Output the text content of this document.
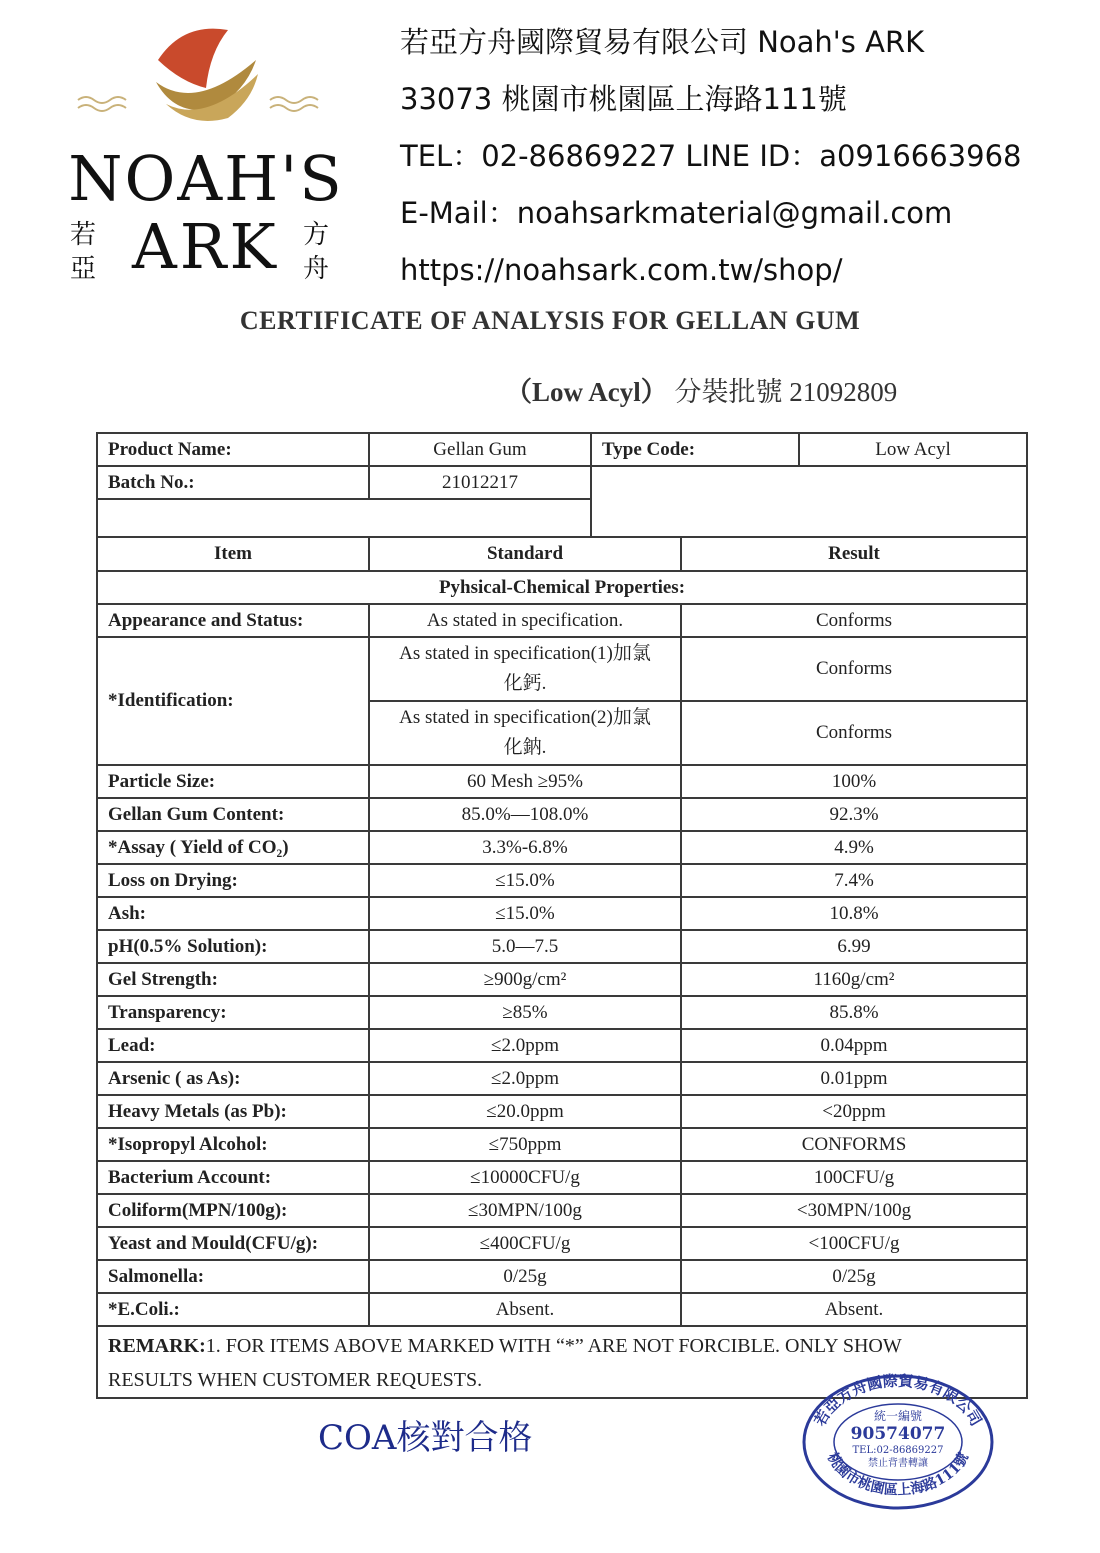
NOAH'S
ARK
若亞
方舟
若亞方舟國際貿易有限公司 Noah's ARK
33073 桃園市桃園區上海路111號
TEL：02-86869227 LINE ID：a0916663968
E-Mail：noahsarkmaterial@gmail.com
https://noahsark.com.tw/shop/
CERTIFICATE OF ANALYSIS FOR GELLAN GUM
（Low Acyl） 分裝批號 21092809
Product Name:	Gellan Gum	Type Code:		Low Acyl
Batch No.:	21012217			

Item	Standard		Result	
Pyhsical-Chemical Properties:				
Appearance and Status:	As stated in specification.		Conforms	
*Identification:	As stated in specification(1)加氯
化鈣.		Conforms	
	As stated in specification(2)加氯
化鈉.		Conforms	
Particle Size:	60 Mesh ≥95%		100%	
Gellan Gum Content:	85.0%—108.0%		92.3%	
*Assay ( Yield of CO₂)	3.3%-6.8%		4.9%	
Loss on Drying:	≤15.0%		7.4%	
Ash:	≤15.0%		10.8%	
pH(0.5% Solution):	5.0—7.5		6.99	
Gel Strength:	≥900g/cm²		1160g/cm²	
Transparency:	≥85%		85.8%	
Lead:	≤2.0ppm		0.04ppm	
Arsenic ( as As):	≤2.0ppm		0.01ppm	
Heavy Metals (as Pb):	≤20.0ppm		<20ppm	
*Isopropyl Alcohol:	≤750ppm		CONFORMS	
Bacterium Account:	≤10000CFU/g		100CFU/g	
Coliform(MPN/100g):	≤30MPN/100g		<30MPN/100g	
Yeast and Mould(CFU/g):	≤400CFU/g		<100CFU/g	
Salmonella:	0/25g		0/25g	
*E.Coli.:	Absent.		Absent.	
REMARK:1. FOR ITEMS ABOVE MARKED WITH “*” ARE NOT FORCIBLE. ONLY SHOW
RESULTS WHEN CUSTOMER REQUESTS.				
COA核對合格	若亞方舟國際貿易有限公司
桃園市桃園區上海路111號
統一編號
90574077
TEL:02-86869227
禁止背書轉讓
